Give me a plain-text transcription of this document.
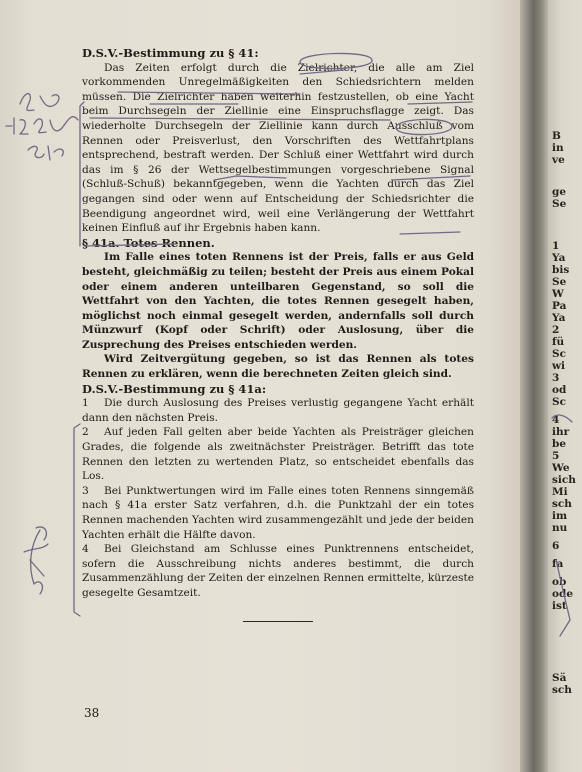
B
in
ve
ge
Se
1
Ya
bis
Se
W
Pa
Ya
2
fü
Sc
wi
3
od
Sc
4
ihr
be
5
We
sich
Mi
sch
im
nu
6
fa
ob
ode
ist
Sä
sch

D.S.V.-Bestimmung zu § 41:

Das Zeiten erfolgt durch die Zielrichter, die alle am Ziel vorkommenden Unregelmäßigkeiten den Schiedsrichtern melden müssen. Die Zielrichter haben weiterhin festzustellen, ob eine Yacht beim Durchsegeln der Ziellinie eine Einspruchsflagge zeigt. Das wiederholte Durchsegeln der Ziellinie kann durch Ausschluß vom Rennen oder Preisverlust, den Vorschriften des Wettfahrtplans entsprechend, bestraft werden. Der Schluß einer Wettfahrt wird durch das im § 26 der Wettsegelbestimmungen vorgeschriebene Signal (Schluß-Schuß) bekanntgegeben, wenn die Yachten durch das Ziel gegangen sind oder wenn auf Entscheidung der Schiedsrichter die Beendigung angeordnet wird, weil eine Verlängerung der Wettfahrt keinen Einfluß auf ihr Ergebnis haben kann.

§ 41a. Totes Rennen.

Im Falle eines toten Rennens ist der Preis, falls er aus Geld besteht, gleichmäßig zu teilen; besteht der Preis aus einem Pokal oder einem anderen unteilbaren Gegenstand, so soll die Wettfahrt von den Yachten, die totes Rennen gesegelt haben, möglichst noch einmal gesegelt werden, andernfalls soll durch Münzwurf (Kopf oder Schrift) oder Auslosung, über die Zusprechung des Preises entschieden werden.

Wird Zeitvergütung gegeben, so ist das Rennen als totes Rennen zu erklären, wenn die berechneten Zeiten gleich sind.

D.S.V.-Bestimmung zu § 41a:

1 Die durch Auslosung des Preises verlustig gegangene Yacht erhält dann den nächsten Preis.

2 Auf jeden Fall gelten aber beide Yachten als Preisträger gleichen Grades, die folgende als zweitnächster Preisträger. Betrifft das tote Rennen den letzten zu wertenden Platz, so entscheidet ebenfalls das Los.

3 Bei Punktwertungen wird im Falle eines toten Rennens sinngemäß nach § 41a erster Satz verfahren, d.h. die Punktzahl der ein totes Rennen machenden Yachten wird zusammengezählt und jede der beiden Yachten erhält die Hälfte davon.

4 Bei Gleichstand am Schlusse eines Punktrennens entscheidet, sofern die Ausschreibung nichts anderes bestimmt, die durch Zusammenzählung der Zeiten der einzelnen Rennen ermittelte, kürzeste gesegelte Gesamtzeit.

38
